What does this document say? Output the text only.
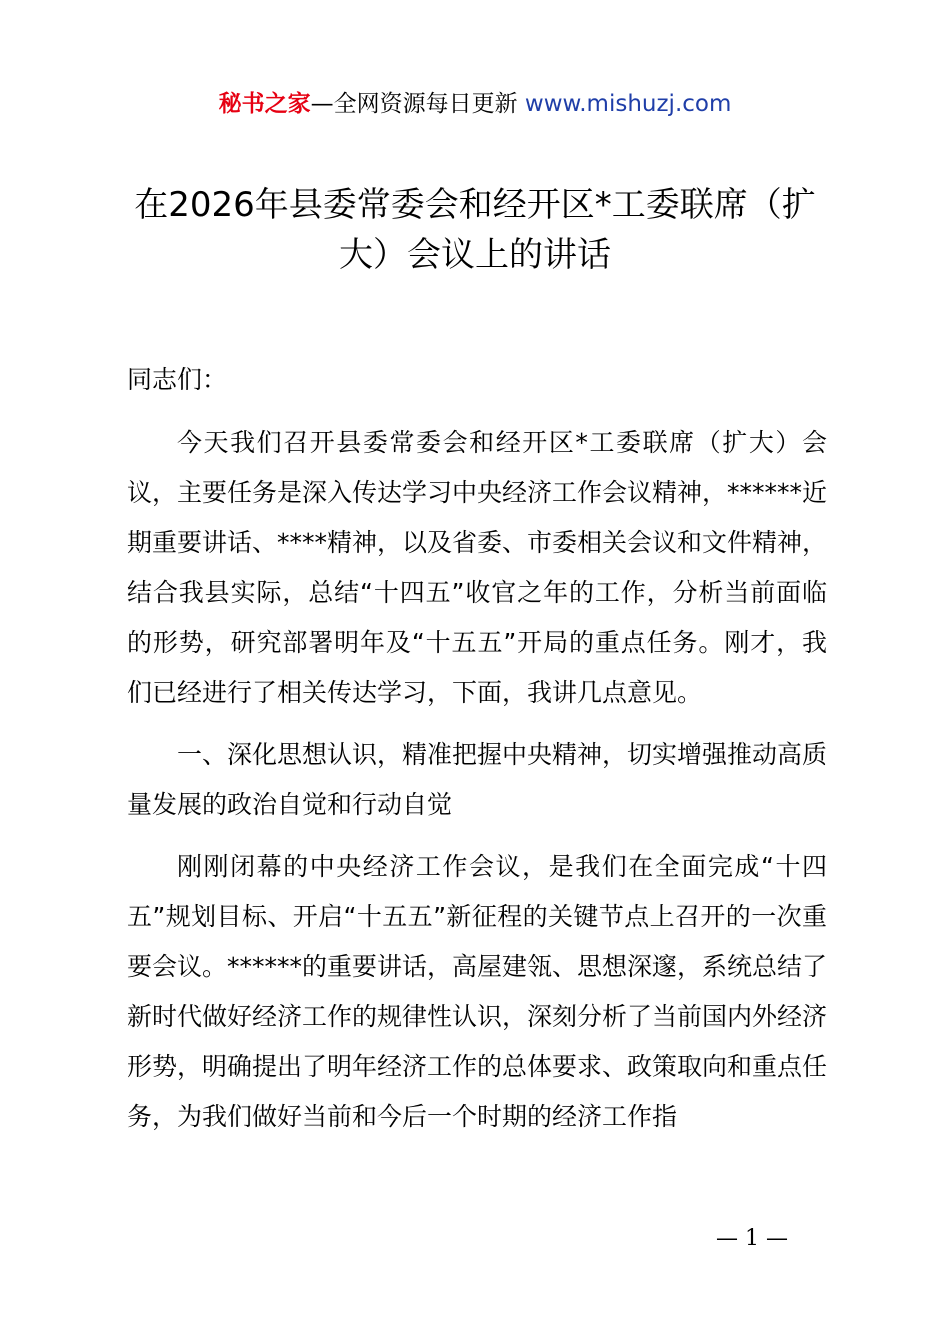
秘书之家—全网资源每日更新 www.mishuzj.com
在2026年县委常委会和经开区*工委联席（扩大）会议上的讲话
同志们：

今天我们召开县委常委会和经开区*工委联席（扩大）会议，主要任务是深入传达学习中央经济工作会议精神，******近期重要讲话、****精神，以及省委、市委相关会议和文件精神，结合我县实际，总结“十四五”收官之年的工作，分析当前面临的形势，研究部署明年及“十五五”开局的重点任务。刚才，我们已经进行了相关传达学习，下面，我讲几点意见。

一、深化思想认识，精准把握中央精神，切实增强推动高质量发展的政治自觉和行动自觉

刚刚闭幕的中央经济工作会议，是我们在全面完成“十四五”规划目标、开启“十五五”新征程的关键节点上召开的一次重要会议。******的重要讲话，高屋建瓴、思想深邃，系统总结了新时代做好经济工作的规律性认识，深刻分析了当前国内外经济形势，明确提出了明年经济工作的总体要求、政策取向和重点任务，为我们做好当前和今后一个时期的经济工作指

— 1 —
